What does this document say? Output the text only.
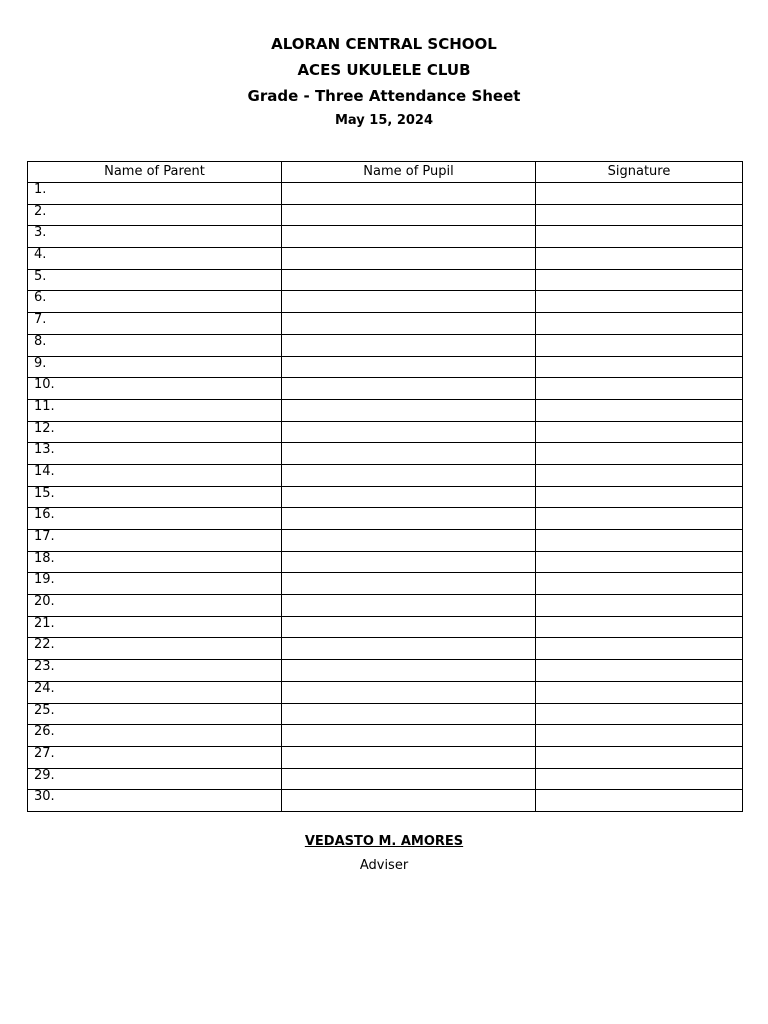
ALORAN CENTRAL SCHOOL
ACES UKULELE CLUB
Grade - Three Attendance Sheet
May 15, 2024
Name of Parent	Name of Pupil	Signature
1.		
2.		
3.		
4.		
5.		
6.		
7.		
8.		
9.		
10.		
11.		
12.		
13.		
14.		
15.		
16.		
17.		
18.		
19.		
20.		
21.		
22.		
23.		
24.		
25.		
26.		
27.		
29.		
30.		
VEDASTO M. AMORES
Adviser
